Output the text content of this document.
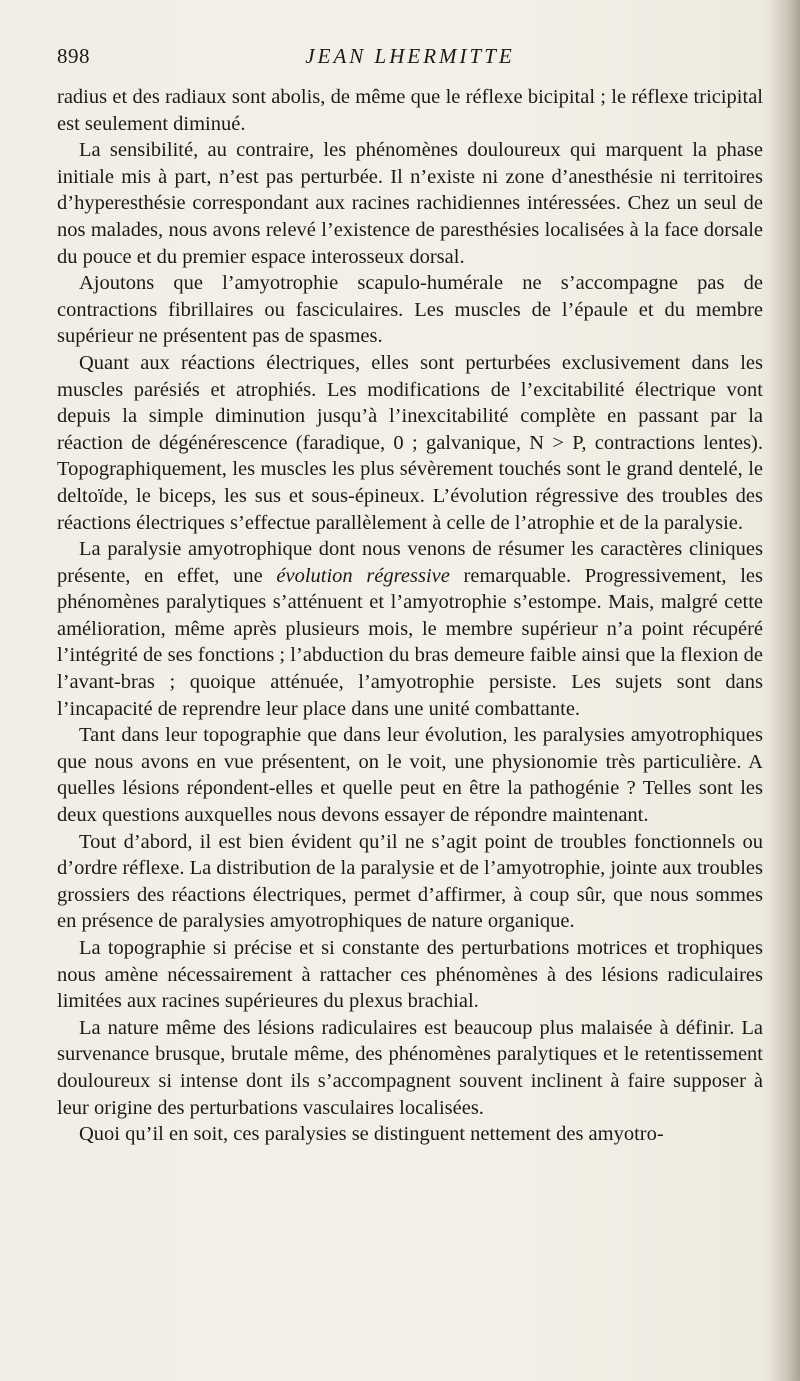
898	JEAN LHERMITTE

radius et des radiaux sont abolis, de même que le réflexe bicipital ; le réflexe tricipital est seulement diminué.

La sensibilité, au contraire, les phénomènes douloureux qui marquent la phase initiale mis à part, n’est pas perturbée. Il n’existe ni zone d’anesthésie ni territoires d’hyperesthésie correspondant aux racines rachidiennes intéressées. Chez un seul de nos malades, nous avons relevé l’existence de paresthésies localisées à la face dorsale du pouce et du premier espace interosseux dorsal.

Ajoutons que l’amyotrophie scapulo-humérale ne s’accompagne pas de contractions fibrillaires ou fasciculaires. Les muscles de l’épaule et du membre supérieur ne présentent pas de spasmes.

Quant aux réactions électriques, elles sont perturbées exclusivement dans les muscles parésiés et atrophiés. Les modifications de l’excitabilité électrique vont depuis la simple diminution jusqu’à l’inexcitabilité complète en passant par la réaction de dégénérescence (faradique, 0 ; galvanique, N > P, contractions lentes). Topographiquement, les muscles les plus sévèrement touchés sont le grand dentelé, le deltoïde, le biceps, les sus et sous-épineux. L’évolution régressive des troubles des réactions électriques s’effectue parallèlement à celle de l’atrophie et de la paralysie.

La paralysie amyotrophique dont nous venons de résumer les caractères cliniques présente, en effet, une évolution régressive remarquable. Progressivement, les phénomènes paralytiques s’atténuent et l’amyotrophie s’estompe. Mais, malgré cette amélioration, même après plusieurs mois, le membre supérieur n’a point récupéré l’intégrité de ses fonctions ; l’abduction du bras demeure faible ainsi que la flexion de l’avant-bras ; quoique atténuée, l’amyotrophie persiste. Les sujets sont dans l’incapacité de reprendre leur place dans une unité combattante.

Tant dans leur topographie que dans leur évolution, les paralysies amyotrophiques que nous avons en vue présentent, on le voit, une physionomie très particulière. A quelles lésions répondent-elles et quelle peut en être la pathogénie ? Telles sont les deux questions auxquelles nous devons essayer de répondre maintenant.

Tout d’abord, il est bien évident qu’il ne s’agit point de troubles fonctionnels ou d’ordre réflexe. La distribution de la paralysie et de l’amyotrophie, jointe aux troubles grossiers des réactions électriques, permet d’affirmer, à coup sûr, que nous sommes en présence de paralysies amyotrophiques de nature organique.

La topographie si précise et si constante des perturbations motrices et trophiques nous amène nécessairement à rattacher ces phénomènes à des lésions radiculaires limitées aux racines supérieures du plexus brachial.

La nature même des lésions radiculaires est beaucoup plus malaisée à définir. La survenance brusque, brutale même, des phénomènes paralytiques et le retentissement douloureux si intense dont ils s’accompagnent souvent inclinent à faire supposer à leur origine des perturbations vasculaires localisées.

Quoi qu’il en soit, ces paralysies se distinguent nettement des amyotro-
